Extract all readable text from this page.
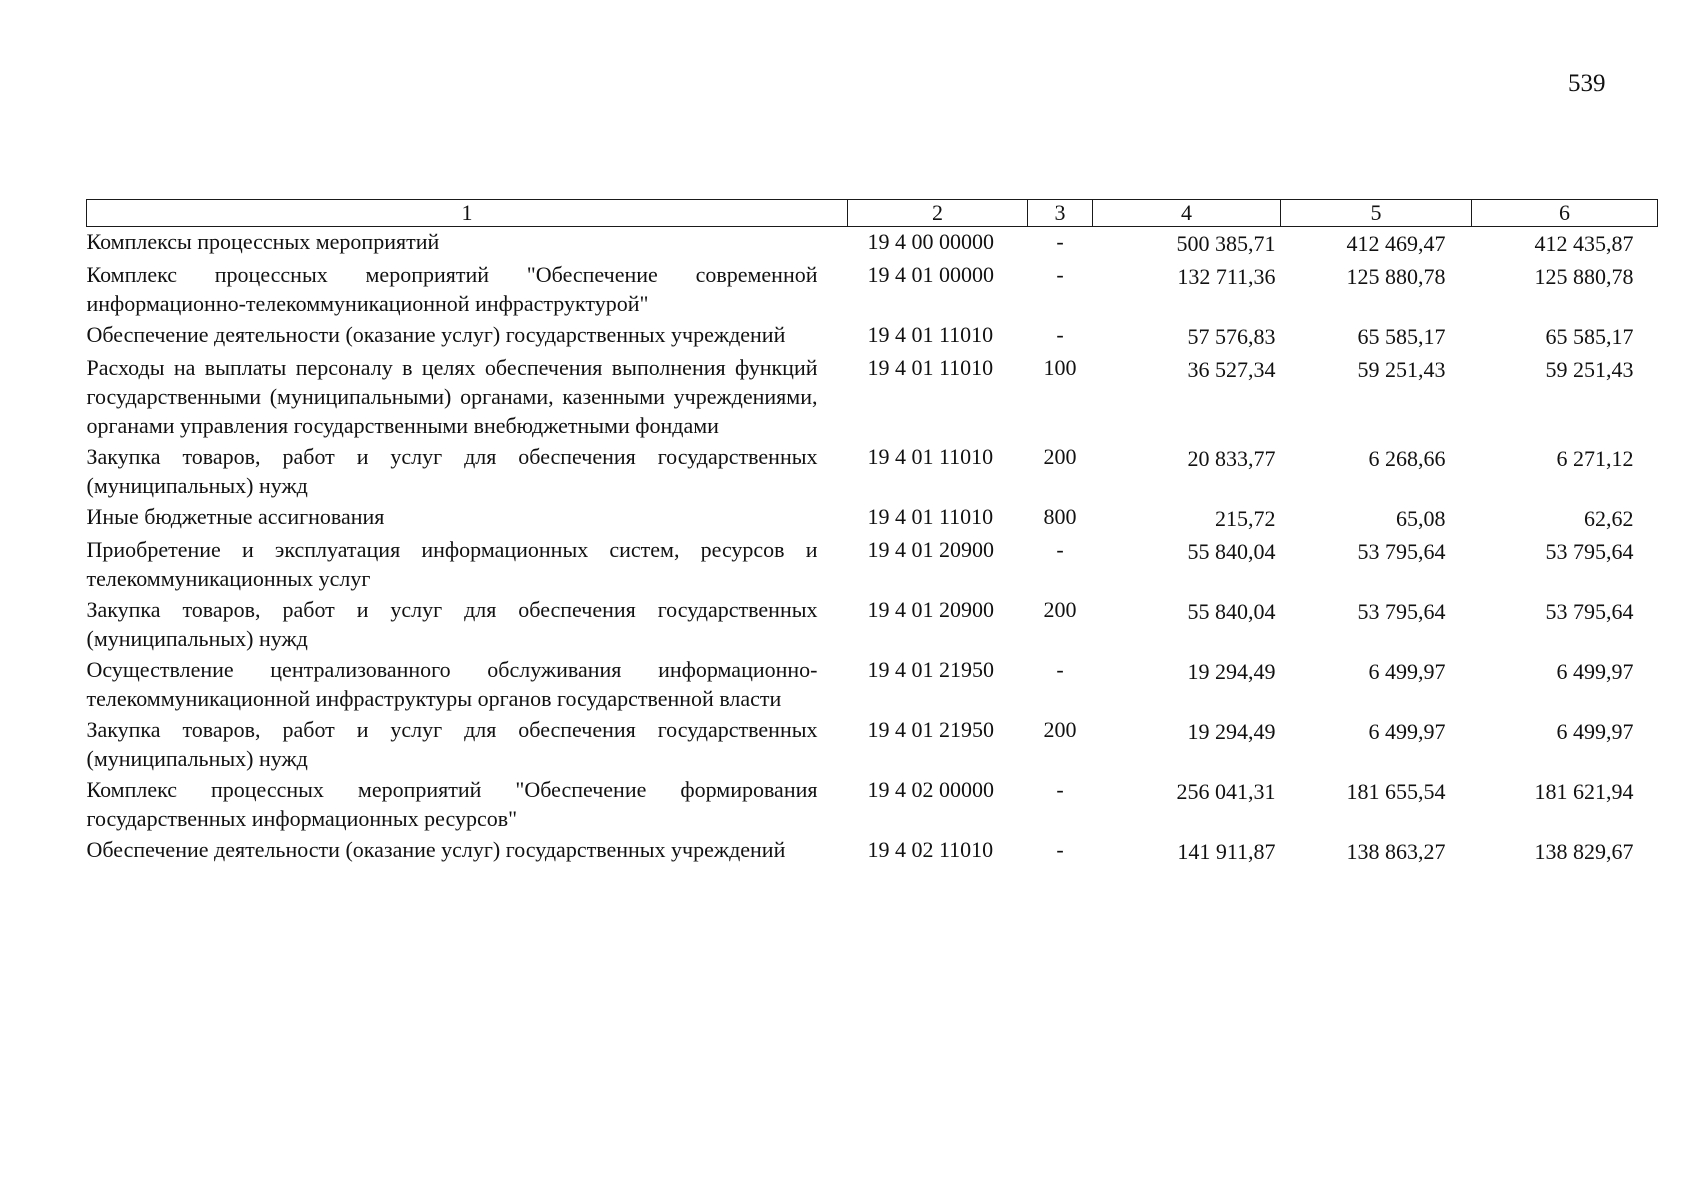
539
1	2	3	4	5	6
Комплексы процессных мероприятий	19 4 00 00000	-	500 385,71	412 469,47	412 435,87
Комплекс процессных мероприятий "Обеспечение современной информационно-телекоммуникационной инфраструктурой"	19 4 01 00000	-	132 711,36	125 880,78	125 880,78
Обеспечение деятельности (оказание услуг) государственных учреждений	19 4 01 11010	-	57 576,83	65 585,17	65 585,17
Расходы на выплаты персоналу в целях обеспечения выполнения функций государственными (муниципальными) органами, казенными учреждениями, органами управления государственными внебюджетными фондами	19 4 01 11010	100	36 527,34	59 251,43	59 251,43
Закупка товаров, работ и услуг для обеспечения государственных (муниципальных) нужд	19 4 01 11010	200	20 833,77	6 268,66	6 271,12
Иные бюджетные ассигнования	19 4 01 11010	800	215,72	65,08	62,62
Приобретение и эксплуатация информационных систем, ресурсов и телекоммуникационных услуг	19 4 01 20900	-	55 840,04	53 795,64	53 795,64
Закупка товаров, работ и услуг для обеспечения государственных (муниципальных) нужд	19 4 01 20900	200	55 840,04	53 795,64	53 795,64
Осуществление централизованного обслуживания информационно-телекоммуникационной инфраструктуры органов государственной власти	19 4 01 21950	-	19 294,49	6 499,97	6 499,97
Закупка товаров, работ и услуг для обеспечения государственных (муниципальных) нужд	19 4 01 21950	200	19 294,49	6 499,97	6 499,97
Комплекс процессных мероприятий "Обеспечение формирования государственных информационных ресурсов"	19 4 02 00000	-	256 041,31	181 655,54	181 621,94
Обеспечение деятельности (оказание услуг) государственных учреждений	19 4 02 11010	-	141 911,87	138 863,27	138 829,67
